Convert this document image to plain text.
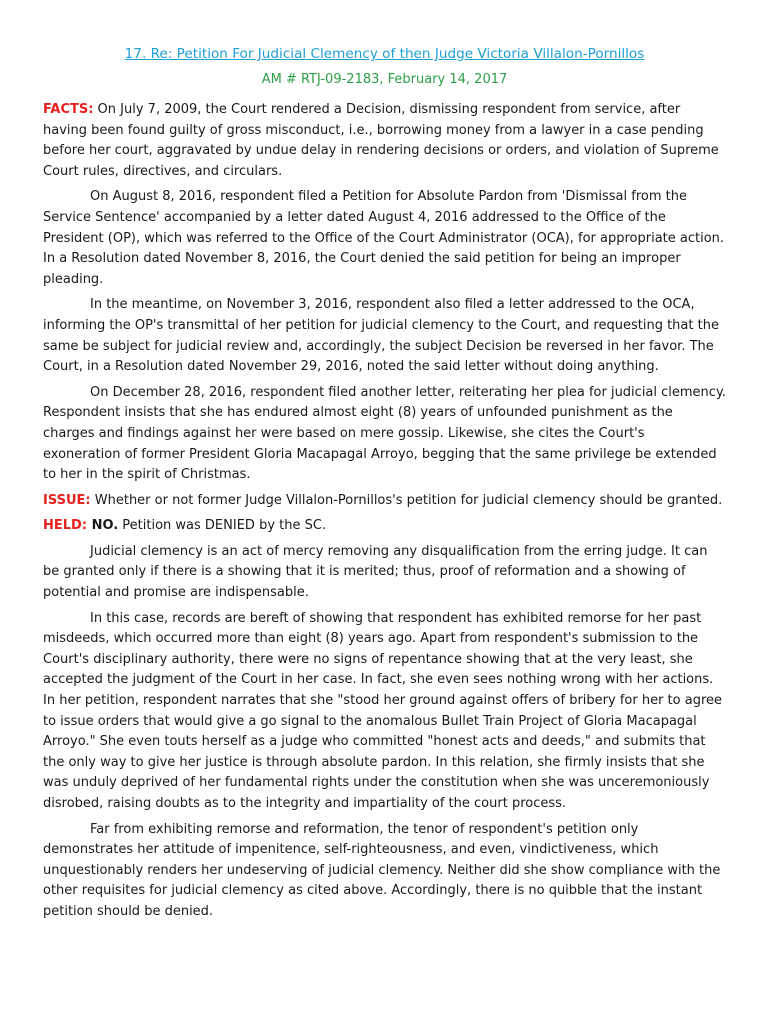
17. Re: Petition For Judicial Clemency of then Judge Victoria Villalon-Pornillos
AM # RTJ-09-2183, February 14, 2017

FACTS: On July 7, 2009, the Court rendered a Decision, dismissing respondent from service, after having been found guilty of gross misconduct, i.e., borrowing money from a lawyer in a case pending before her court, aggravated by undue delay in rendering decisions or orders, and violation of Supreme Court rules, directives, and circulars.

On August 8, 2016, respondent filed a Petition for Absolute Pardon from 'Dismissal from the Service Sentence' accompanied by a letter dated August 4, 2016 addressed to the Office of the President (OP), which was referred to the Office of the Court Administrator (OCA), for appropriate action. In a Resolution dated November 8, 2016, the Court denied the said petition for being an improper pleading.

In the meantime, on November 3, 2016, respondent also filed a letter addressed to the OCA, informing the OP's transmittal of her petition for judicial clemency to the Court, and requesting that the same be subject for judicial review and, accordingly, the subject Decision be reversed in her favor. The Court, in a Resolution dated November 29, 2016, noted the said letter without doing anything.

On December 28, 2016, respondent filed another letter, reiterating her plea for judicial clemency. Respondent insists that she has endured almost eight (8) years of unfounded punishment as the charges and findings against her were based on mere gossip. Likewise, she cites the Court's exoneration of former President Gloria Macapagal Arroyo, begging that the same privilege be extended to her in the spirit of Christmas.

ISSUE: Whether or not former Judge Villalon-Pornillos's petition for judicial clemency should be granted.

HELD: NO. Petition was DENIED by the SC.

Judicial clemency is an act of mercy removing any disqualification from the erring judge. It can be granted only if there is a showing that it is merited; thus, proof of reformation and a showing of potential and promise are indispensable.

In this case, records are bereft of showing that respondent has exhibited remorse for her past misdeeds, which occurred more than eight (8) years ago. Apart from respondent's submission to the Court's disciplinary authority, there were no signs of repentance showing that at the very least, she accepted the judgment of the Court in her case. In fact, she even sees nothing wrong with her actions. In her petition, respondent narrates that she "stood her ground against offers of bribery for her to agree to issue orders that would give a go signal to the anomalous Bullet Train Project of Gloria Macapagal Arroyo." She even touts herself as a judge who committed "honest acts and deeds," and submits that the only way to give her justice is through absolute pardon. In this relation, she firmly insists that she was unduly deprived of her fundamental rights under the constitution when she was unceremoniously disrobed, raising doubts as to the integrity and impartiality of the court process.

Far from exhibiting remorse and reformation, the tenor of respondent's petition only demonstrates her attitude of impenitence, self-righteousness, and even, vindictiveness, which unquestionably renders her undeserving of judicial clemency. Neither did she show compliance with the other requisites for judicial clemency as cited above. Accordingly, there is no quibble that the instant petition should be denied.
